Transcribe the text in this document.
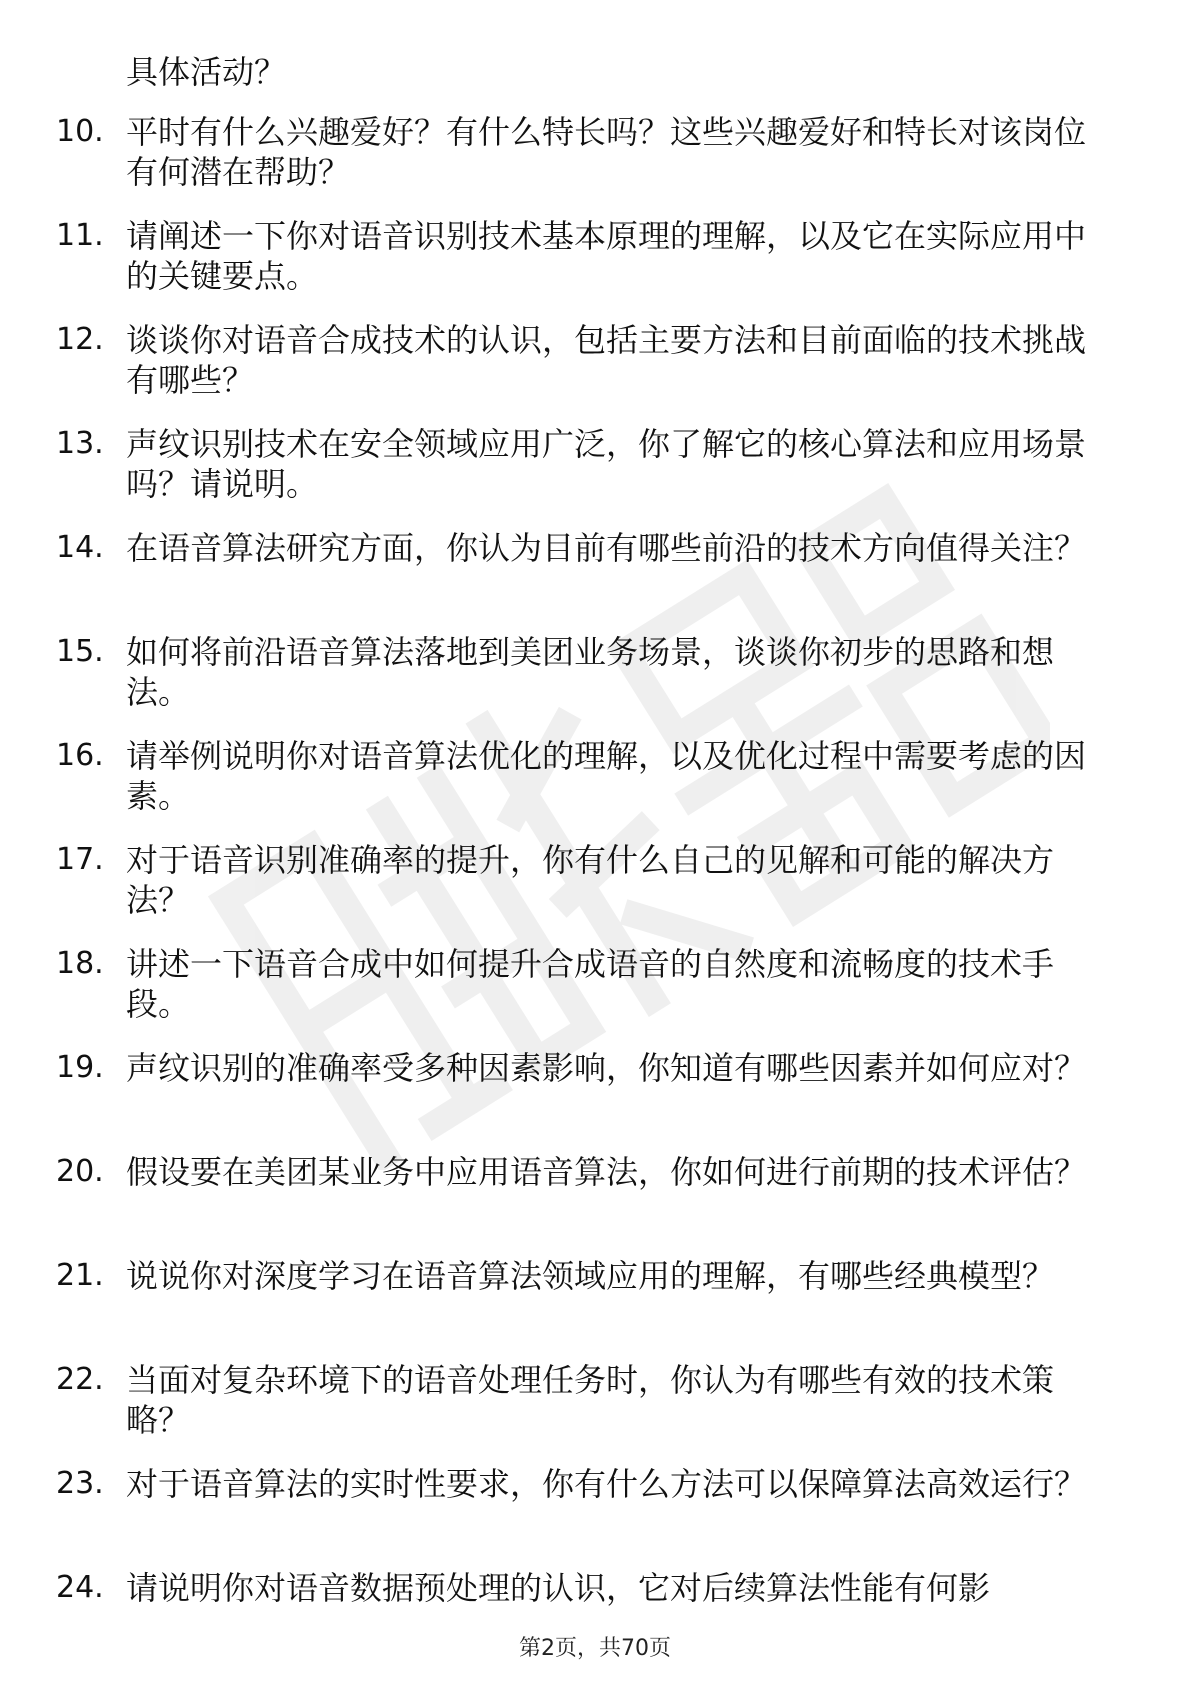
具体活动？
10. 平时有什么兴趣爱好？有什么特长吗？这些兴趣爱好和特长对该岗位有何潜在帮助？
11. 请阐述一下你对语音识别技术基本原理的理解，以及它在实际应用中的关键要点。
12. 谈谈你对语音合成技术的认识，包括主要方法和目前面临的技术挑战有哪些？
13. 声纹识别技术在安全领域应用广泛，你了解它的核心算法和应用场景吗？请说明。
14. 在语音算法研究方面，你认为目前有哪些前沿的技术方向值得关注？
15. 如何将前沿语音算法落地到美团业务场景，谈谈你初步的思路和想法。
16. 请举例说明你对语音算法优化的理解，以及优化过程中需要考虑的因素。
17. 对于语音识别准确率的提升，你有什么自己的见解和可能的解决方法？
18. 讲述一下语音合成中如何提升合成语音的自然度和流畅度的技术手段。
19. 声纹识别的准确率受多种因素影响，你知道有哪些因素并如何应对？
20. 假设要在美团某业务中应用语音算法，你如何进行前期的技术评估？
21. 说说你对深度学习在语音算法领域应用的理解，有哪些经典模型？
22. 当面对复杂环境下的语音处理任务时，你认为有哪些有效的技术策略？
23. 对于语音算法的实时性要求，你有什么方法可以保障算法高效运行？
24. 请说明你对语音数据预处理的认识，它对后续算法性能有何影
第2页，共70页
